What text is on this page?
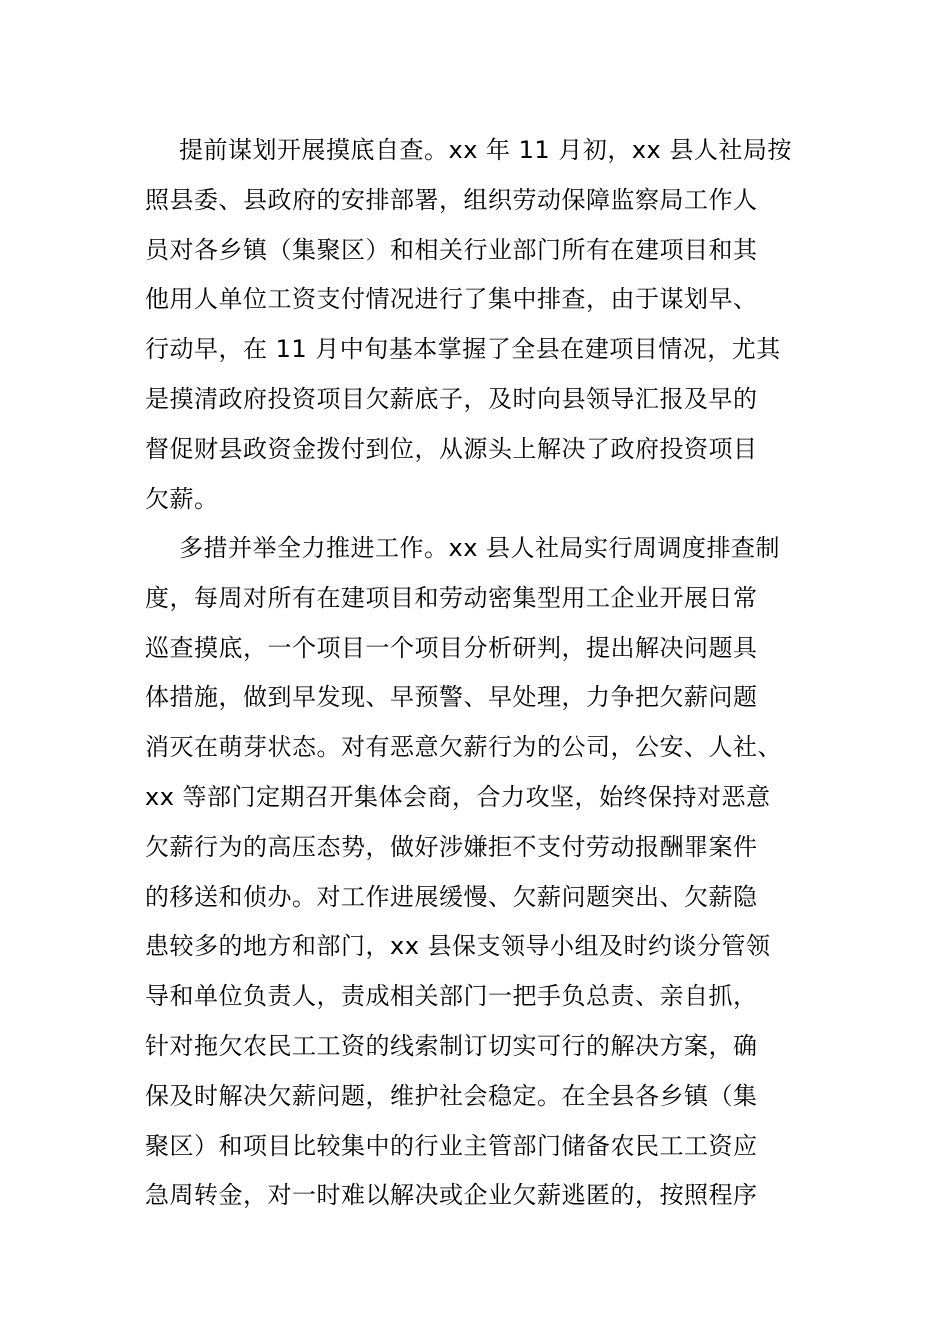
提前谋划开展摸底自查。xx 年 11 月初，xx 县人社局按
照县委、县政府的安排部署，组织劳动保障监察局工作人
员对各乡镇（集聚区）和相关行业部门所有在建项目和其
他用人单位工资支付情况进行了集中排查，由于谋划早、
行动早，在 11 月中旬基本掌握了全县在建项目情况，尤其
是摸清政府投资项目欠薪底子，及时向县领导汇报及早的
督促财县政资金拨付到位，从源头上解决了政府投资项目
欠薪。
多措并举全力推进工作。xx 县人社局实行周调度排查制
度，每周对所有在建项目和劳动密集型用工企业开展日常
巡查摸底，一个项目一个项目分析研判，提出解决问题具
体措施，做到早发现、早预警、早处理，力争把欠薪问题
消灭在萌芽状态。对有恶意欠薪行为的公司，公安、人社、
xx 等部门定期召开集体会商，合力攻坚，始终保持对恶意
欠薪行为的高压态势，做好涉嫌拒不支付劳动报酬罪案件
的移送和侦办。对工作进展缓慢、欠薪问题突出、欠薪隐
患较多的地方和部门，xx 县保支领导小组及时约谈分管领
导和单位负责人，责成相关部门一把手负总责、亲自抓，
针对拖欠农民工工资的线索制订切实可行的解决方案，确
保及时解决欠薪问题，维护社会稳定。在全县各乡镇（集
聚区）和项目比较集中的行业主管部门储备农民工工资应
急周转金，对一时难以解决或企业欠薪逃匿的，按照程序
